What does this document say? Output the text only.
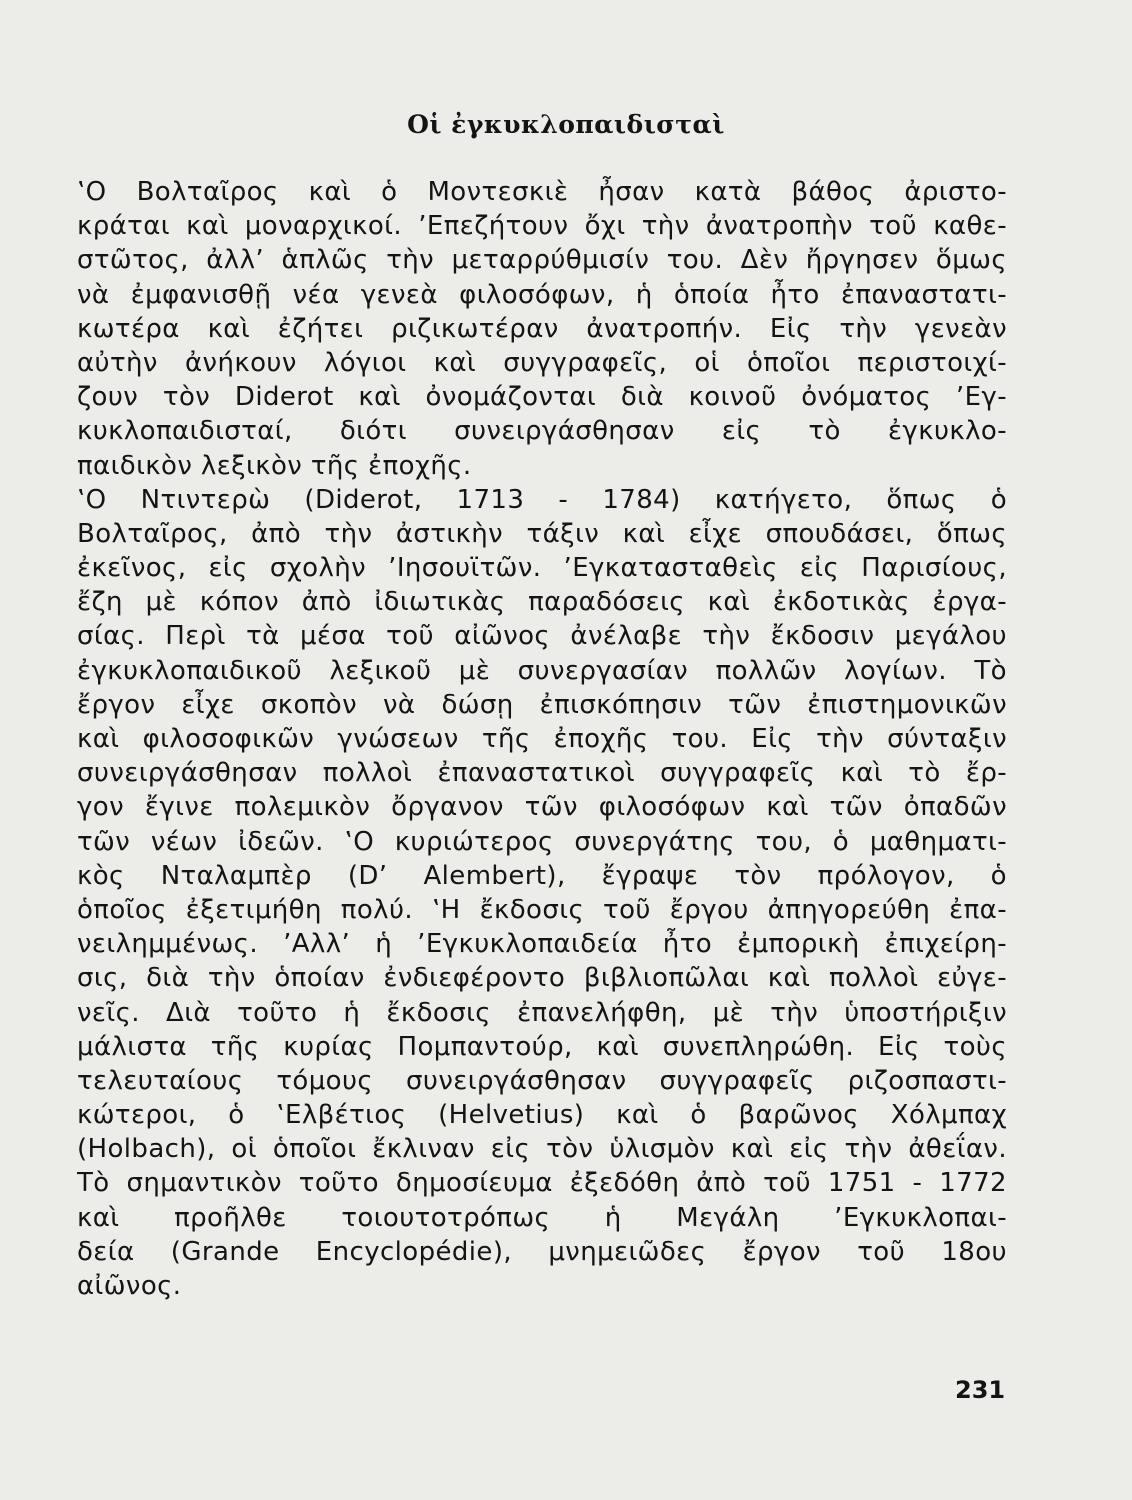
Οἱ ἐγκυκλοπαιδισταὶ
‛Ο Βολταῖρος καὶ ὁ Μοντεσκιὲ ἦσαν κατὰ βάθος ἀριστο-
κράται καὶ μοναρχικοί. ’Επεζήτουν ὄχι τὴν ἀνατροπὴν τοῦ καθε-
στῶτος, ἀλλ’ ἁπλῶς τὴν μεταρρύθμισίν του. Δὲν ἤργησεν ὅμως
νὰ ἐμφανισθῇ νέα γενεὰ φιλοσόφων, ἡ ὁποία ἦτο ἐπαναστατι-
κωτέρα καὶ ἐζήτει ριζικωτέραν ἀνατροπήν. Εἰς τὴν γενεὰν
αὐτὴν ἀνήκουν λόγιοι καὶ συγγραφεῖς, οἱ ὁποῖοι περιστοιχί-
ζουν τὸν Diderot καὶ ὀνομάζονται διὰ κοινοῦ ὀνόματος ’Εγ-
κυκλοπαιδισταί, διότι συνειργάσθησαν εἰς τὸ ἐγκυκλο-
παιδικὸν λεξικὸν τῆς ἐποχῆς.
‛Ο Ντιντερὼ (Diderot, 1713 - 1784) κατήγετο, ὅπως ὁ
Βολταῖρος, ἀπὸ τὴν ἀστικὴν τάξιν καὶ εἶχε σπουδάσει, ὅπως
ἐκεῖνος, εἰς σχολὴν ’Ιησουϊτῶν. ’Εγκατασταθεὶς εἰς Παρισίους,
ἔζη μὲ κόπον ἀπὸ ἰδιωτικὰς παραδόσεις καὶ ἐκδοτικὰς ἐργα-
σίας. Περὶ τὰ μέσα τοῦ αἰῶνος ἀνέλαβε τὴν ἔκδοσιν μεγάλου
ἐγκυκλοπαιδικοῦ λεξικοῦ μὲ συνεργασίαν πολλῶν λογίων. Τὸ
ἔργον εἶχε σκοπὸν νὰ δώσῃ ἐπισκόπησιν τῶν ἐπιστημονικῶν
καὶ φιλοσοφικῶν γνώσεων τῆς ἐποχῆς του. Εἰς τὴν σύνταξιν
συνειργάσθησαν πολλοὶ ἐπαναστατικοὶ συγγραφεῖς καὶ τὸ ἔρ-
γον ἔγινε πολεμικὸν ὄργανον τῶν φιλοσόφων καὶ τῶν ὀπαδῶν
τῶν νέων ἰδεῶν. ‛Ο κυριώτερος συνεργάτης του, ὁ μαθηματι-
κὸς Νταλαμπὲρ (D’ Alembert), ἔγραψε τὸν πρόλογον, ὁ
ὁποῖος ἐξετιμήθη πολύ. ‛Η ἔκδοσις τοῦ ἔργου ἀπηγορεύθη ἐπα-
νειλημμένως. ’Αλλ’ ἡ ’Εγκυκλοπαιδεία ἦτο ἐμπορικὴ ἐπιχείρη-
σις, διὰ τὴν ὁποίαν ἐνδιεφέροντο βιβλιοπῶλαι καὶ πολλοὶ εὐγε-
νεῖς. Διὰ τοῦτο ἡ ἔκδοσις ἐπανελήφθη, μὲ τὴν ὑποστήριξιν
μάλιστα τῆς κυρίας Πομπαντούρ, καὶ συνεπληρώθη. Εἰς τοὺς
τελευταίους τόμους συνειργάσθησαν συγγραφεῖς ριζοσπαστι-
κώτεροι, ὁ ‛Ελβέτιος (Helvetius) καὶ ὁ βαρῶνος Χόλμπαχ
(Holbach), οἱ ὁποῖοι ἔκλιναν εἰς τὸν ὑλισμὸν καὶ εἰς τὴν ἀθεΐαν.
Τὸ σημαντικὸν τοῦτο δημοσίευμα ἐξεδόθη ἀπὸ τοῦ 1751 - 1772
καὶ προῆλθε τοιουτοτρόπως ἡ Μεγάλη ’Εγκυκλοπαι-
δεία (Grande Encyclopédie), μνημειῶδες ἔργον τοῦ 18ου
αἰῶνος.
231
